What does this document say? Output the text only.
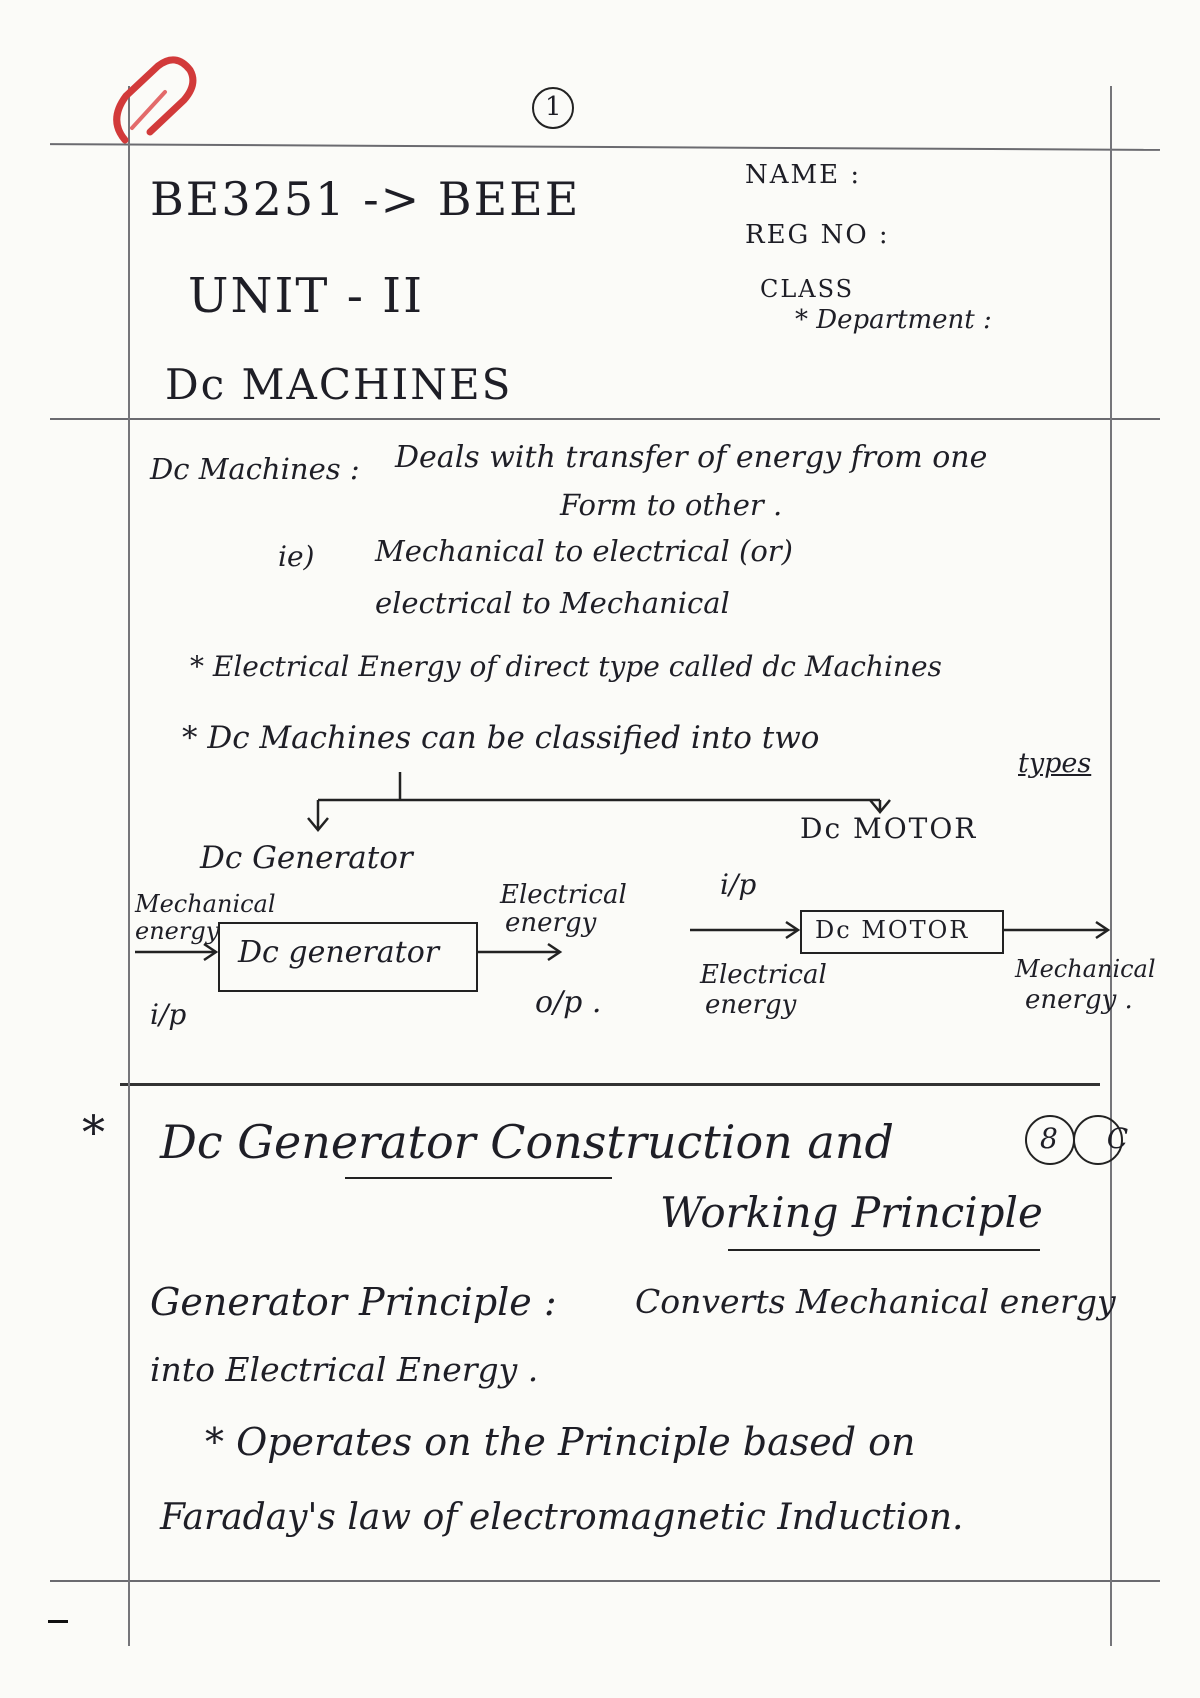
1
BE3251 -> BEEE
UNIT - II
Dc MACHINES
NAME :
REG NO :
CLASS
* Department :
Dc Machines : Deals with transfer of energy from one
Form to other .
ie) Mechanical to electrical (or)
electrical to Mechanical
* Electrical Energy of direct type called dc Machines
* Dc Machines can be classified into two
types
Dc Generator
Dc MOTOR
Mechanical
energy
Dc generator
i/p
Electrical
energy
o/p .
i/p
Dc MOTOR
Electrical
energy
Mechanical
energy .
* Dc Generator Construction and
Working Principle
8 C
Generator Principle : Converts Mechanical energy
into Electrical Energy .
* Operates on the Principle based on
Faraday's law of electromagnetic Induction.
